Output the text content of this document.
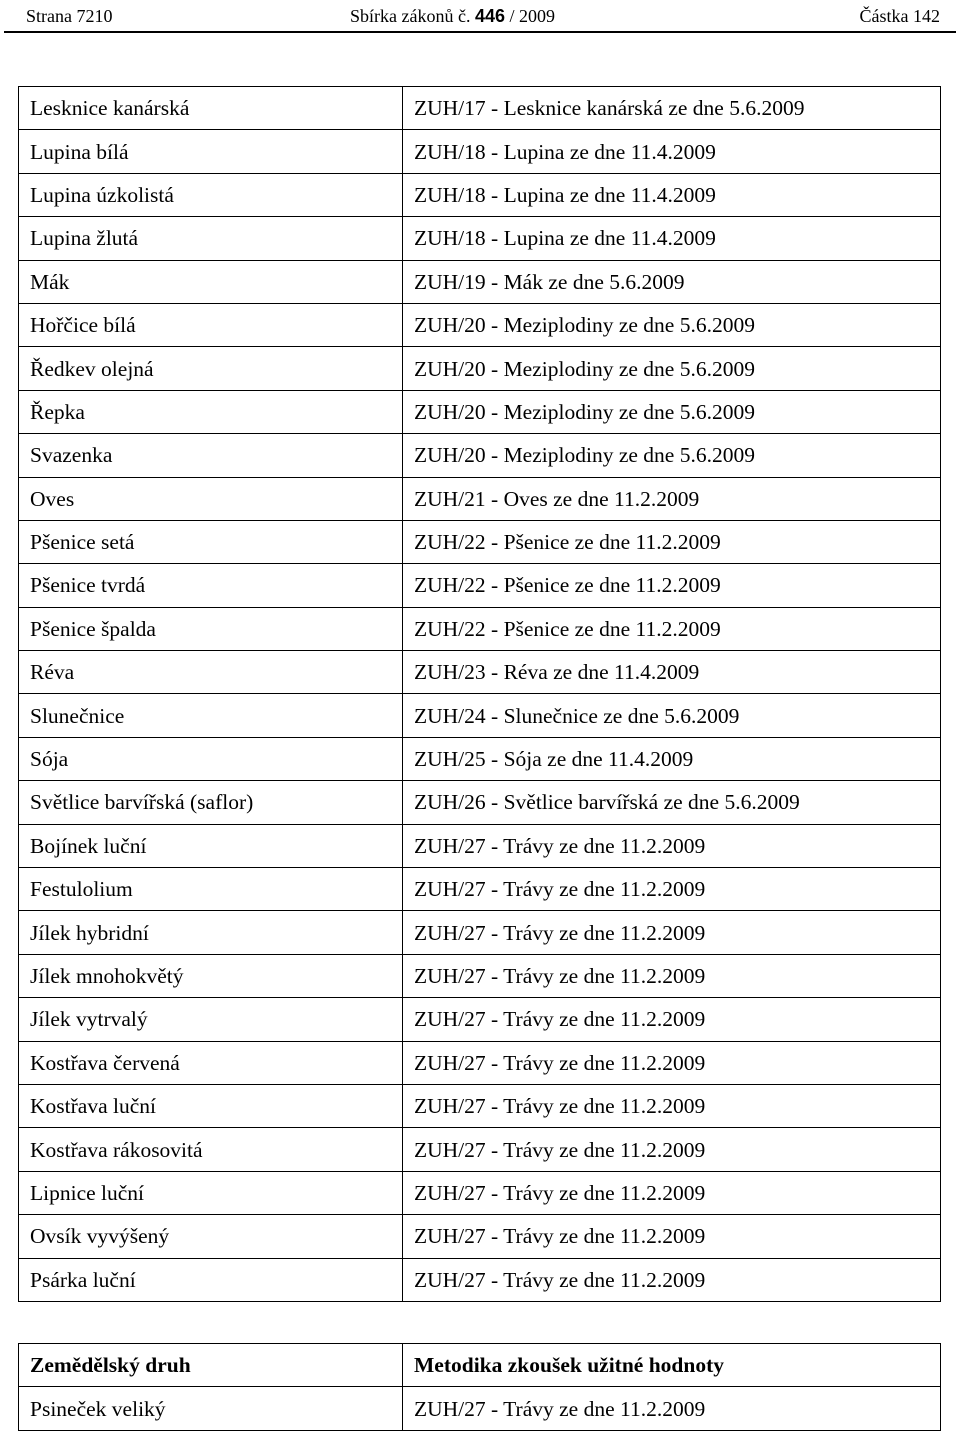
Strana 7210	Sbírka zákonů č. 446 / 2009	Částka 142
Lesknice kanárská	ZUH/17 - Lesknice kanárská ze dne 5.6.2009
Lupina bílá	ZUH/18 - Lupina ze dne 11.4.2009
Lupina úzkolistá	ZUH/18 - Lupina ze dne 11.4.2009
Lupina žlutá	ZUH/18 - Lupina ze dne 11.4.2009
Mák	ZUH/19 - Mák ze dne 5.6.2009
Hořčice bílá	ZUH/20 - Meziplodiny ze dne 5.6.2009
Ředkev olejná	ZUH/20 - Meziplodiny ze dne 5.6.2009
Řepka	ZUH/20 - Meziplodiny ze dne 5.6.2009
Svazenka	ZUH/20 - Meziplodiny ze dne 5.6.2009
Oves	ZUH/21 - Oves ze dne 11.2.2009
Pšenice setá	ZUH/22 - Pšenice ze dne 11.2.2009
Pšenice tvrdá	ZUH/22 - Pšenice ze dne 11.2.2009
Pšenice špalda	ZUH/22 - Pšenice ze dne 11.2.2009
Réva	ZUH/23 - Réva ze dne 11.4.2009
Slunečnice	ZUH/24 - Slunečnice ze dne 5.6.2009
Sója	ZUH/25 - Sója ze dne 11.4.2009
Světlice barvířská (saflor)	ZUH/26 - Světlice barvířská ze dne 5.6.2009
Bojínek luční	ZUH/27 - Trávy ze dne 11.2.2009
Festulolium	ZUH/27 - Trávy ze dne 11.2.2009
Jílek hybridní	ZUH/27 - Trávy ze dne 11.2.2009
Jílek mnohokvětý	ZUH/27 - Trávy ze dne 11.2.2009
Jílek vytrvalý	ZUH/27 - Trávy ze dne 11.2.2009
Kostřava červená	ZUH/27 - Trávy ze dne 11.2.2009
Kostřava luční	ZUH/27 - Trávy ze dne 11.2.2009
Kostřava rákosovitá	ZUH/27 - Trávy ze dne 11.2.2009
Lipnice luční	ZUH/27 - Trávy ze dne 11.2.2009
Ovsík vyvýšený	ZUH/27 - Trávy ze dne 11.2.2009
Psárka luční	ZUH/27 - Trávy ze dne 11.2.2009
Zemědělský druh	Metodika zkoušek užitné hodnoty
Psineček veliký	ZUH/27 - Trávy ze dne 11.2.2009
